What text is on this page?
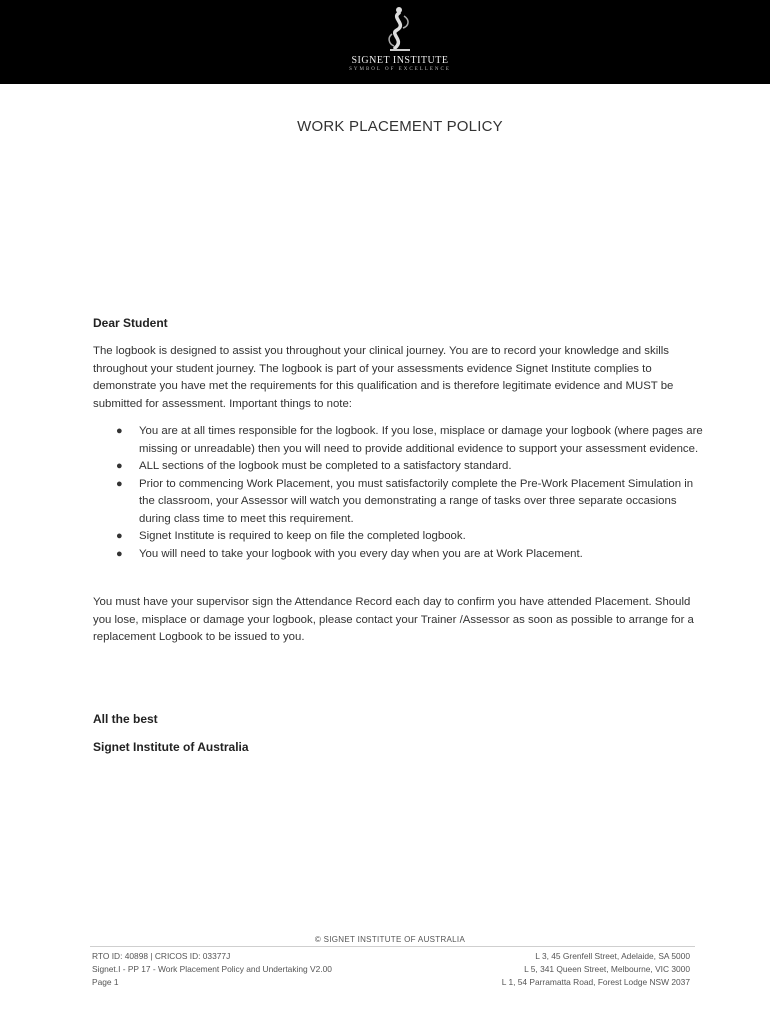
SIGNET INSTITUTE
SYMBOL OF EXCELLENCE
WORK PLACEMENT POLICY
Dear Student
The logbook is designed to assist you throughout your clinical journey. You are to record your knowledge and skills throughout your student journey. The logbook is part of your assessments evidence Signet Institute complies to demonstrate you have met the requirements for this qualification and is therefore legitimate evidence and MUST be submitted for assessment. Important things to note:
● You are at all times responsible for the logbook. If you lose, misplace or damage your logbook (where pages are missing or unreadable) then you will need to provide additional evidence to support your assessment evidence.
● ALL sections of the logbook must be completed to a satisfactory standard.
● Prior to commencing Work Placement, you must satisfactorily complete the Pre-Work Placement Simulation in the classroom, your Assessor will watch you demonstrating a range of tasks over three separate occasions during class time to meet this requirement.
● Signet Institute is required to keep on file the completed logbook.
● You will need to take your logbook with you every day when you are at Work Placement.
You must have your supervisor sign the Attendance Record each day to confirm you have attended Placement. Should you lose, misplace or damage your logbook, please contact your Trainer /Assessor as soon as possible to arrange for a replacement Logbook to be issued to you.
All the best
Signet Institute of Australia
© SIGNET INSTITUTE OF AUSTRALIA
RTO ID: 40898 | CRICOS ID: 03377J
Signet.I - PP 17 - Work Placement Policy and Undertaking V2.00
Page 1
L 3, 45 Grenfell Street, Adelaide, SA 5000
L 5, 341 Queen Street, Melbourne, VIC 3000
L 1, 54 Parramatta Road, Forest Lodge NSW 2037
